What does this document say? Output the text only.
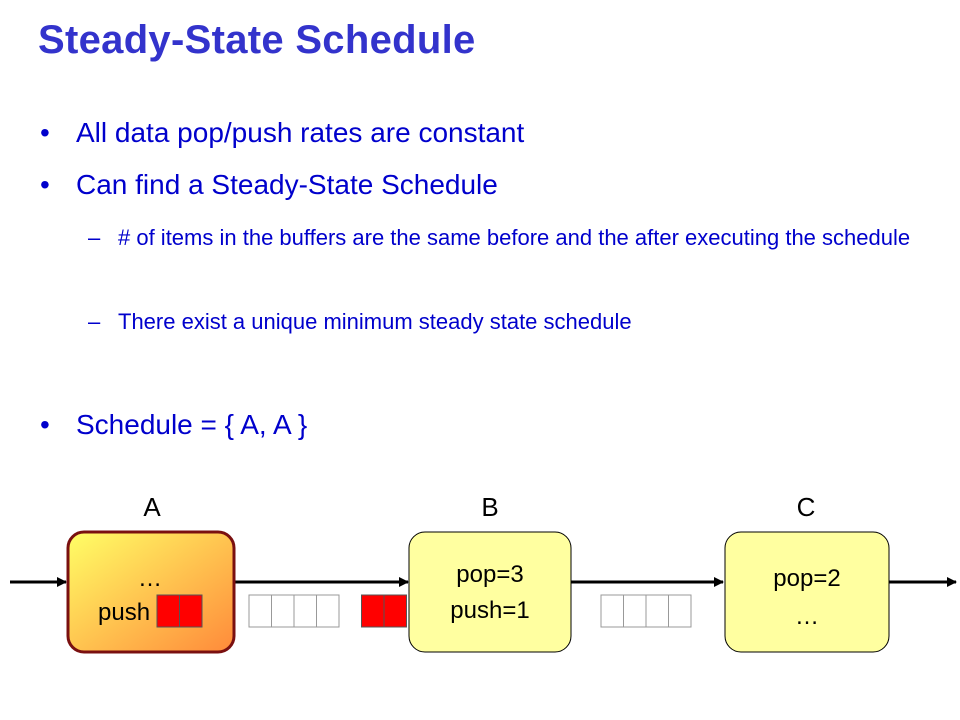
Steady-State Schedule
• All data pop/push rates are constant
• Can find a Steady-State Schedule
– # of items in the buffers are the same before and the after executing the schedule
– There exist a unique minimum steady state schedule
• Schedule = { A, A }
A	B	C
…
push
pop=3
push=1
pop=2
…
